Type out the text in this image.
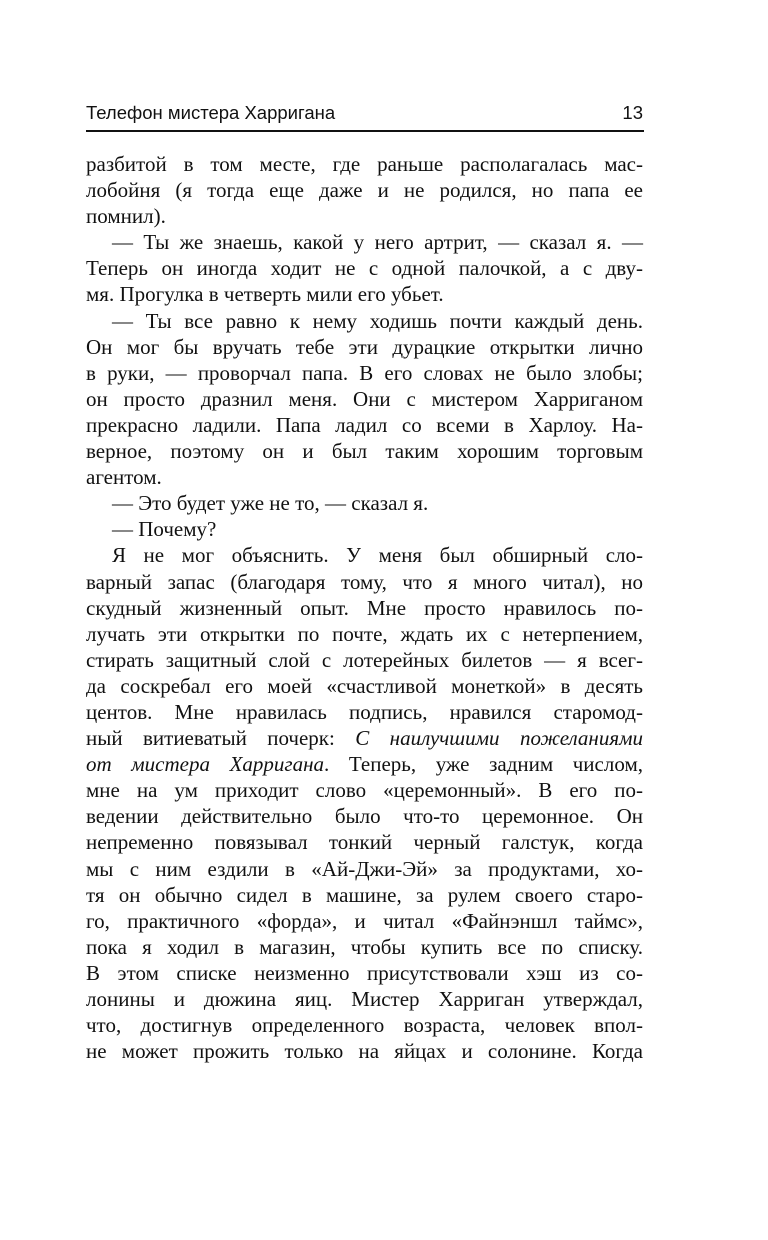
Телефон мистера Харригана	13
разбитой в том месте, где раньше располагалась мас-
лобойня (я тогда еще даже и не родился, но папа ее
помнил).
— Ты же знаешь, какой у него артрит, — сказал я. —
Теперь он иногда ходит не с одной палочкой, а с дву-
мя. Прогулка в четверть мили его убьет.
— Ты все равно к нему ходишь почти каждый день.
Он мог бы вручать тебе эти дурацкие открытки лично
в руки, — проворчал папа. В его словах не было злобы;
он просто дразнил меня. Они с мистером Харриганом
прекрасно ладили. Папа ладил со всеми в Харлоу. На-
верное, поэтому он и был таким хорошим торговым
агентом.
— Это будет уже не то, — сказал я.
— Почему?
Я не мог объяснить. У меня был обширный сло-
варный запас (благодаря тому, что я много читал), но
скудный жизненный опыт. Мне просто нравилось по-
лучать эти открытки по почте, ждать их с нетерпением,
стирать защитный слой с лотерейных билетов — я всег-
да соскребал его моей «счастливой монеткой» в десять
центов. Мне нравилась подпись, нравился старомод-
ный витиеватый почерк: С наилучшими пожеланиями
от мистера Харригана. Теперь, уже задним числом,
мне на ум приходит слово «церемонный». В его по-
ведении действительно было что-то церемонное. Он
непременно повязывал тонкий черный галстук, когда
мы с ним ездили в «Ай-Джи-Эй» за продуктами, хо-
тя он обычно сидел в машине, за рулем своего старо-
го, практичного «форда», и читал «Файнэншл таймс»,
пока я ходил в магазин, чтобы купить все по списку.
В этом списке неизменно присутствовали хэш из со-
лонины и дюжина яиц. Мистер Харриган утверждал,
что, достигнув определенного возраста, человек впол-
не может прожить только на яйцах и солонине. Когда
